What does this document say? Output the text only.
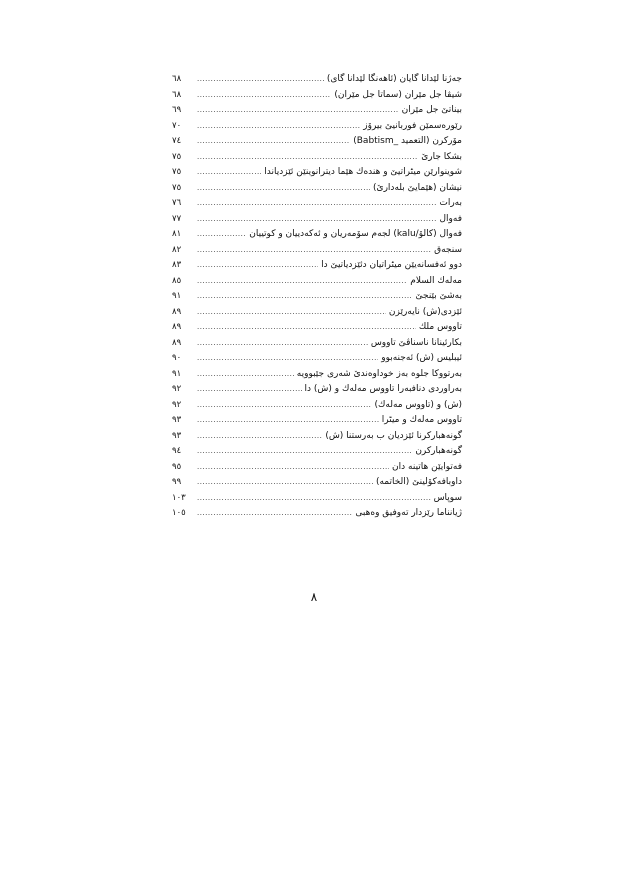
٦٨ .....	جەژنا لێدانا گایان (ئاھەنگا لێدانا گای)
٦٨ .....	شیڤا جل مێران (سماتا جل مێران)
٦٩ .....	بیناتێ جل مێران
٧٠ .....	رێورەسمێن فوربانیێ بیرۆز
٧٤ .....	مۆرکرن (التعمید _Babtism)
٧٥ .....	بشکا جارێ
٧٥ .....	شوینوارێن میٹراتیێ و ھندەك ھێما دیترانوینێن ئێزدیاندا
٧٥ .....	نیشان (ھێمایێ بلەدارێ)
٧٦ .....	بەرات
٧٧ .....	فەوال
٨١ .....	فەوال (کالۆ/kalu) لجەم سۆمەریان و ئەکەدییان و کوتییان
٨٢ .....	سنجەق
٨٣ .....	دوو ئەفسانەیێن میٹراتیان دئێزدیاتیێ دا
٨٥ .....	مەلەك السلام
٩١ .....	بەشێ بێنجێ
٨٩ .....	ئێزدی(ش) نایەرێزن
٨٩ .....	تاووس ملك
٨٩ .....	بکارئینانا ناسناڤێ تاووس
٩٠ .....	ئیبلیس (ش) ئەجنەبوو
٩١ .....	بەرتووکا جلوە بەز خوداوەندێ شەری جێبوویە
٩٢ .....	بەراوردی دنافبەرا تاووس مەلەك و (ش) دا
٩٢ .....	(ش) و (تاووس مەلەك)
٩٣ .....	تاووس مەلەك و میٹرا
٩٣ .....	گونەھبارکرنا ئێزدیان ب بەرستنا (ش)
٩٤ .....	گونەھبارکرن
٩٥ .....	فەتوایێن ھاتینە دان
٩٩ .....	داوبافەکۆلینێ (الخاتمە)
١٠٣ .....	سوپاس
١٠٥ .....	ژیانناما رێزدار تەوفیق وەھبی
٨
